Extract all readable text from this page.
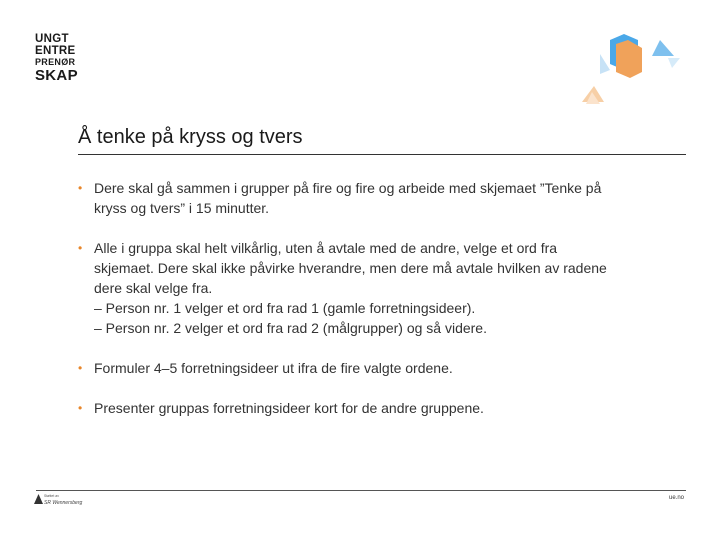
UNGT
ENTRE
PRENØR
SKAP
Å tenke på kryss og tvers
• Dere skal gå sammen i grupper på fire og fire og arbeide med skjemaet ”Tenke på
kryss og tvers” i 15 minutter.
• Alle i gruppa skal helt vilkårlig, uten å avtale med de andre, velge et ord fra
skjemaet. Dere skal ikke påvirke hverandre, men dere må avtale hvilken av radene
dere skal velge fra.
– Person nr. 1 velger et ord fra rad 1 (gamle forretningsideer).
– Person nr. 2 velger et ord fra rad 2 (målgrupper) og så videre.
• Formuler 4–5 forretningsideer ut ifra de fire valgte ordene.
• Presenter gruppas forretningsideer kort for de andre gruppene.
Støttet av
SR Wennersberg
ue.no
